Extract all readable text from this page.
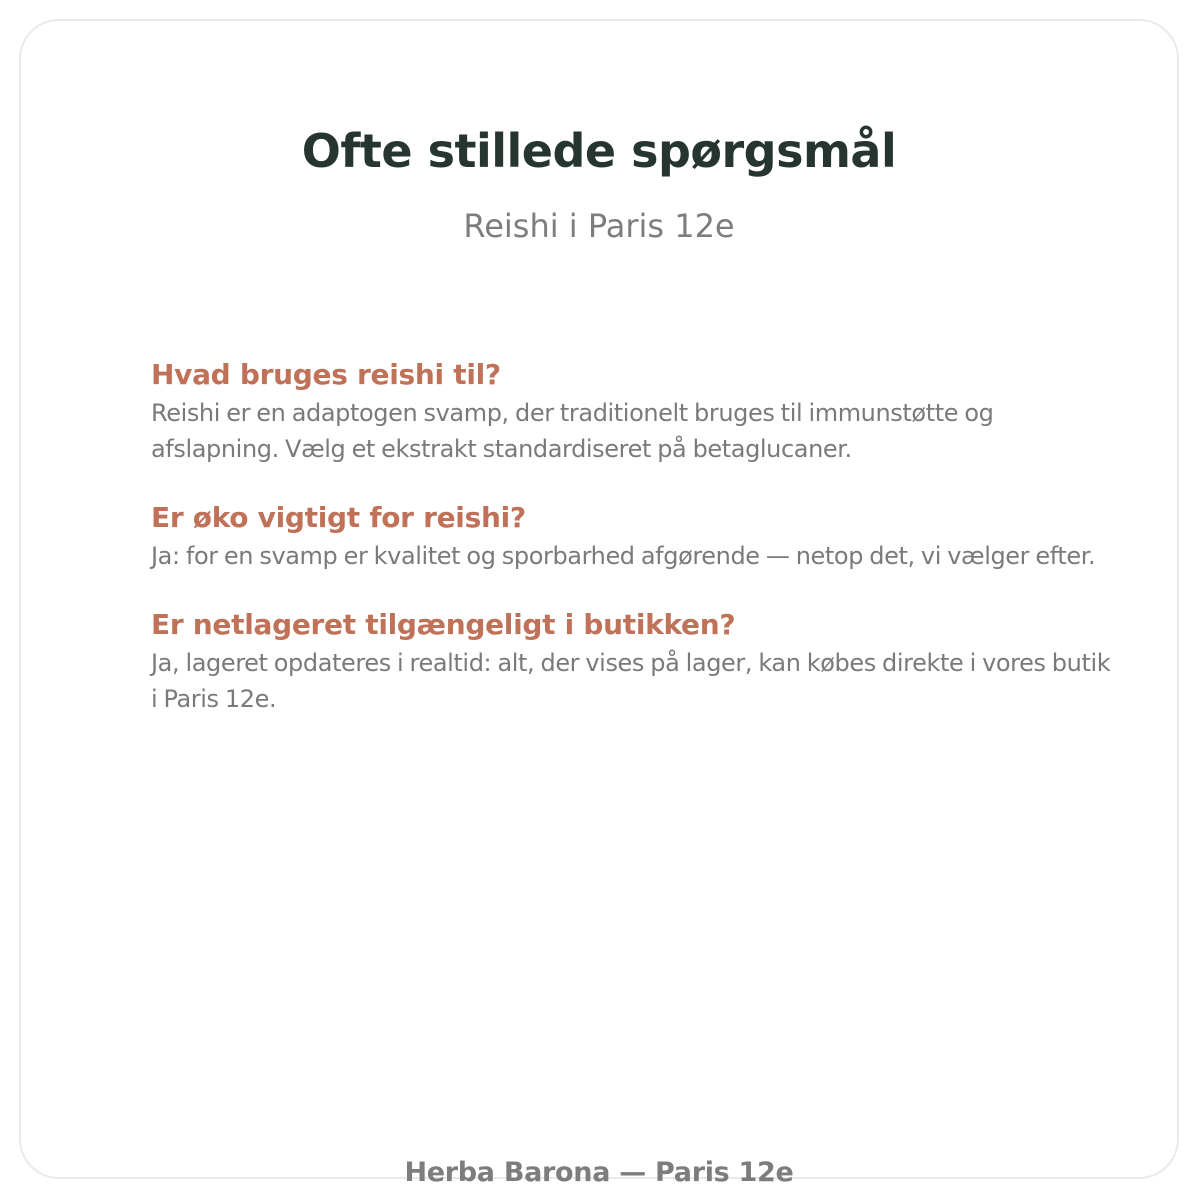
Ofte stillede spørgsmål

Reishi i Paris 12e

Hvad bruges reishi til?

Reishi er en adaptogen svamp, der traditionelt bruges til immunstøtte og afslapning. Vælg et ekstrakt standardiseret på betaglucaner.

Er øko vigtigt for reishi?

Ja: for en svamp er kvalitet og sporbarhed afgørende — netop det, vi vælger efter.

Er netlageret tilgængeligt i butikken?

Ja, lageret opdateres i realtid: alt, der vises på lager, kan købes direkte i vores butik i Paris 12e.

Herba Barona — Paris 12e
